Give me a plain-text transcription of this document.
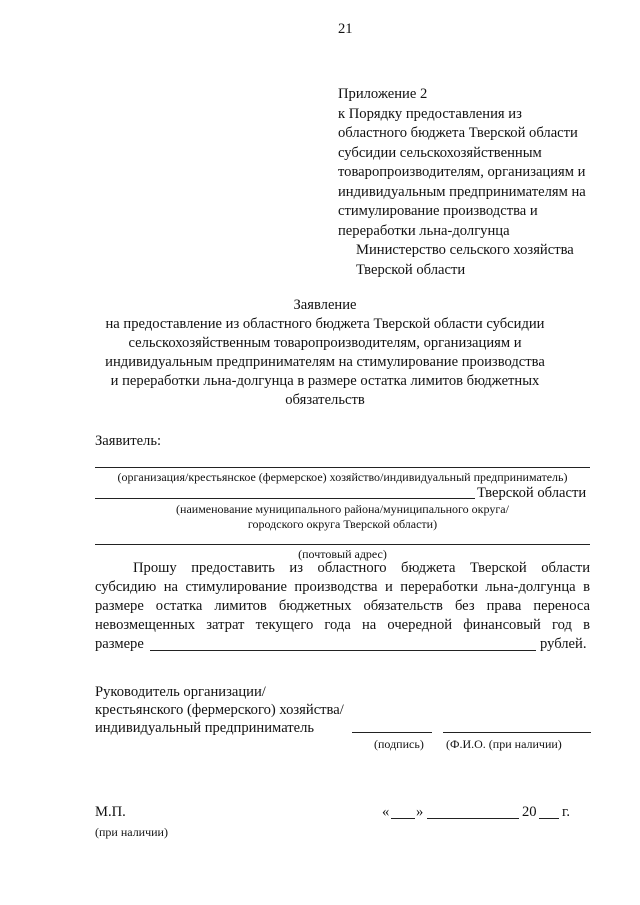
21
Приложение 2
к Порядку предоставления из
областного бюджета Тверской области
субсидии сельскохозяйственным
товаропроизводителям, организациям и
индивидуальным предпринимателям на
стимулирование производства и
переработки льна-долгунца
Министерство сельского хозяйства
Тверской области
Заявление
на предоставление из областного бюджета Тверской области субсидии
сельскохозяйственным товаропроизводителям, организациям и
индивидуальным предпринимателям на стимулирование производства
и переработки льна-долгунца в размере остатка лимитов бюджетных
обязательств
Заявитель:
(организация/крестьянское (фермерское) хозяйство/индивидуальный предприниматель)
Тверской области
(наименование муниципального района/муниципального округа/
городского округа Тверской области)
(почтовый адрес)
Прошу предоставить из областного бюджета Тверской области
субсидию на стимулирование производства и переработки льна-долгунца в
размере остатка лимитов бюджетных обязательств без права переноса
невозмещенных затрат текущего года на очередной финансовый год в
размере	рублей.
Руководитель организации/
крестьянского (фермерского) хозяйства/
индивидуальный предприниматель
(подпись) (Ф.И.О. (при наличии)
М.П.
(при наличии)
« »	20 г.
